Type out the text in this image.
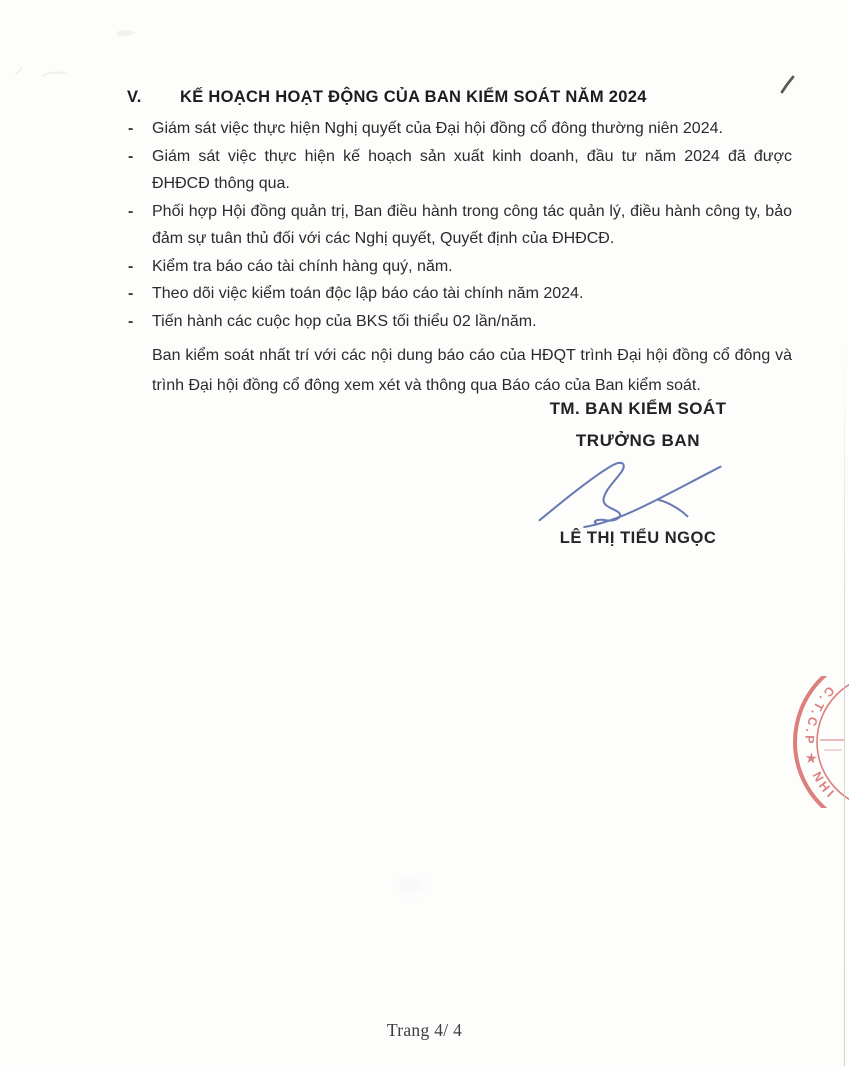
V.	KẾ HOẠCH HOẠT ĐỘNG CỦA BAN KIỂM SOÁT NĂM 2024
- Giám sát việc thực hiện Nghị quyết của Đại hội đồng cổ đông thường niên 2024.
- Giám sát việc thực hiện kế hoạch sản xuất kinh doanh, đầu tư năm 2024 đã được ĐHĐCĐ thông qua.
- Phối hợp Hội đồng quản trị, Ban điều hành trong công tác quản lý, điều hành công ty, bảo đảm sự tuân thủ đối với các Nghị quyết, Quyết định của ĐHĐCĐ.
- Kiểm tra báo cáo tài chính hàng quý, năm.
- Theo dõi việc kiểm toán độc lập báo cáo tài chính năm 2024.
- Tiến hành các cuộc họp của BKS tối thiểu 02 lần/năm.
Ban kiểm soát nhất trí với các nội dung báo cáo của HĐQT trình Đại hội đồng cổ đông và trình Đại hội đồng cổ đông xem xét và thông qua Báo cáo của Ban kiểm soát.
TM. BAN KIỂM SOÁT
TRƯỞNG BAN
LÊ THỊ TIỂU NGỌC
C.T.C.P ★ NHI
Trang 4/ 4
